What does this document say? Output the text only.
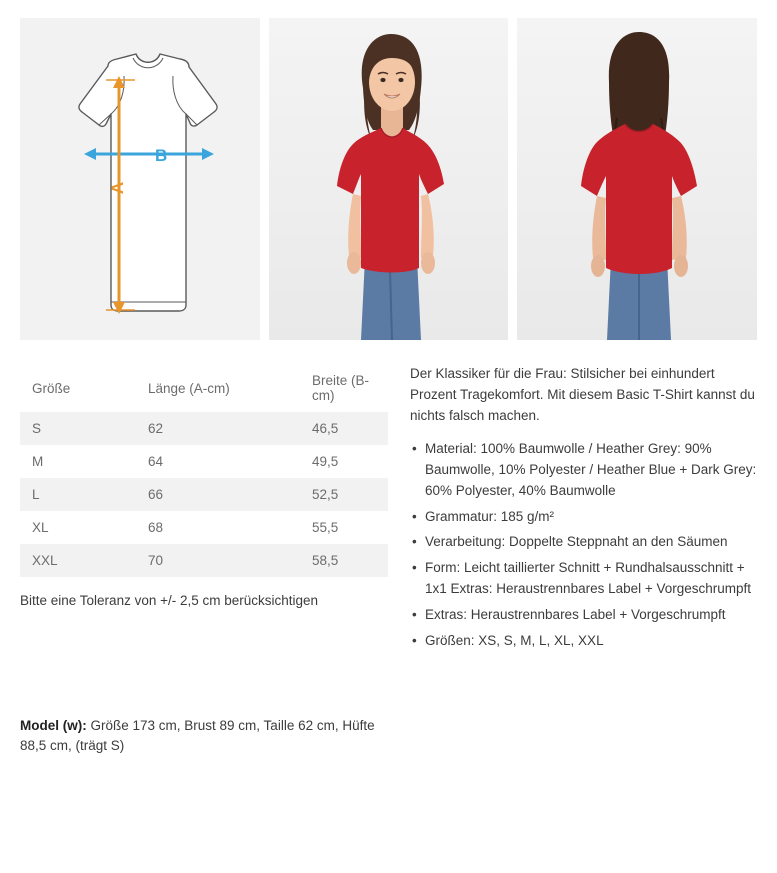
B
A
Größe	Länge (A-cm)	Breite (B-cm)
S	62	46,5
M	64	49,5
L	66	52,5
XL	68	55,5
XXL	70	58,5
Bitte eine Toleranz von +/- 2,5 cm berücksichtigen
Model (w): Größe 173 cm, Brust 89 cm, Taille 62 cm, Hüfte 88,5 cm, (trägt S)

Der Klassiker für die Frau: Stilsicher bei einhundert Prozent Tragekomfort. Mit diesem Basic T-Shirt kannst du nichts falsch machen.

• Material: 100% Baumwolle / Heather Grey: 90% Baumwolle, 10% Polyester / Heather Blue + Dark Grey: 60% Polyester, 40% Baumwolle
• Grammatur: 185 g/m²
• Verarbeitung: Doppelte Steppnaht an den Säumen
• Form: Leicht taillierter Schnitt + Rundhalsausschnitt + 1x1 Extras: Heraustrennbares Label + Vorgeschrumpft
• Extras: Heraustrennbares Label + Vorgeschrumpft
• Größen: XS, S, M, L, XL, XXL
